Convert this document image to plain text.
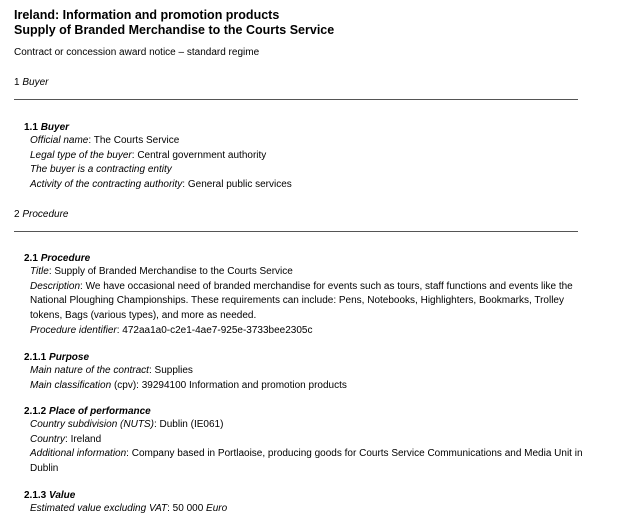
Ireland: Information and promotion products
Supply of Branded Merchandise to the Courts Service
Contract or concession award notice – standard regime
1 Buyer
1.1 Buyer
Official name: The Courts Service
Legal type of the buyer: Central government authority
The buyer is a contracting entity
Activity of the contracting authority: General public services
2 Procedure
2.1 Procedure
Title: Supply of Branded Merchandise to the Courts Service
Description: We have occasional need of branded merchandise for events such as tours, staff functions and events like the National Ploughing Championships. These requirements can include: Pens, Notebooks, Highlighters, Bookmarks, Trolley tokens, Bags (various types), and more as needed.
Procedure identifier: 472aa1a0-c2e1-4ae7-925e-3733bee2305c
2.1.1 Purpose
Main nature of the contract: Supplies
Main classification (cpv): 39294100 Information and promotion products
2.1.2 Place of performance
Country subdivision (NUTS): Dublin (IE061)
Country: Ireland
Additional information: Company based in Portlaoise, producing goods for Courts Service Communications and Media Unit in Dublin
2.1.3 Value
Estimated value excluding VAT: 50 000 Euro
